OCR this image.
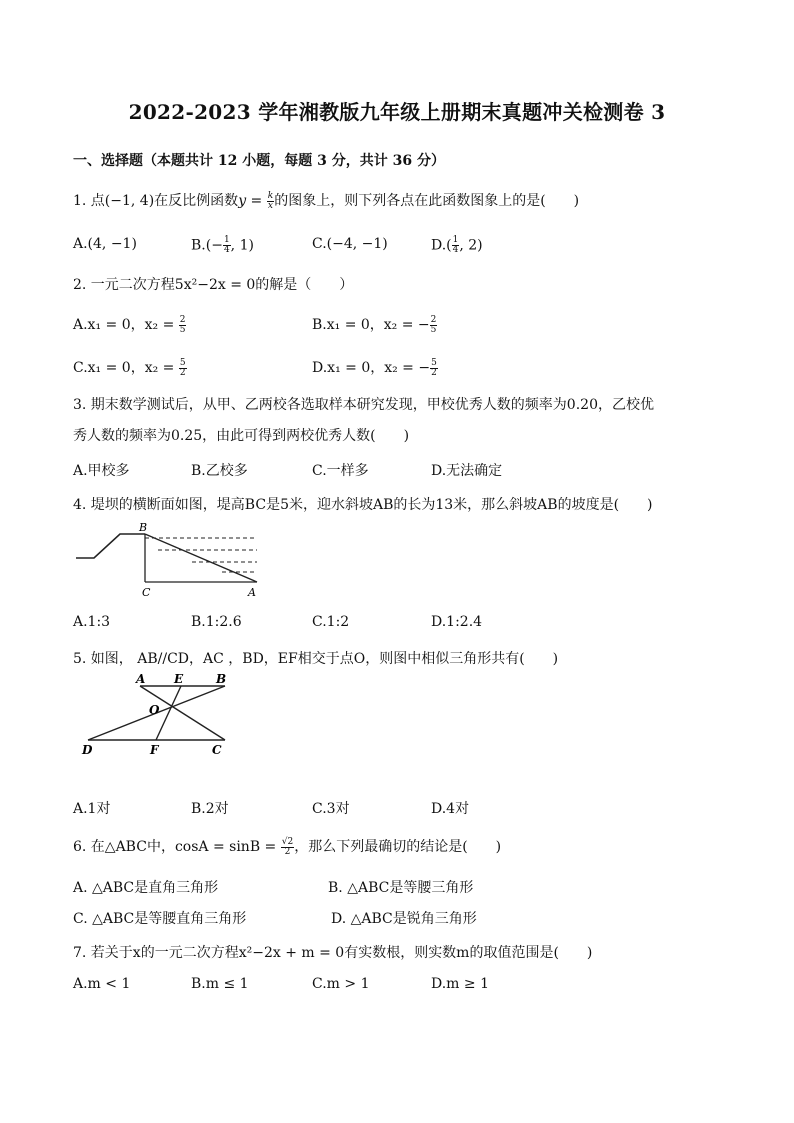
2022-2023 学年湘教版九年级上册期末真题冲关检测卷 3
一、选择题（本题共计 12 小题，每题 3 分，共计 36 分）
1. 点(−1, 4)在反比例函数$y = \frac{k}{x}$ 的图象上，则下列各点在此函数图象上的是(　　)
A.(4, −1)	$B.(- \frac{1}{4}$ , 1)	C.(−4, −1)	$D.( \frac{1}{4}$ , 2)
2. 一元二次方程5x²−2x = 0的解是（　　）
A.x₁ = 0，$x_2 = \frac{2}{5}$	B.x₁ = 0，x₂ = − $\frac{2}{5}$
C.x₁ = 0，$x_2 = \frac{5}{2}$	D.x₁ = 0，x₂ = − $\frac{5}{2}$
3. 期末数学测试后，从甲、乙两校各选取样本研究发现，甲校优秀人数的频率为0.20，乙校优
秀人数的频率为0.25，由此可得到两校优秀人数(　　)
A.甲校多	B.乙校多	C.一样多	D.无法确定
4. 堤坝的横断面如图，堤高BC是5米，迎水斜坡AB的长为13米，那么斜坡AB的坡度是(　　)
B
C	A
A.1:3	B.1:2.6	C.1:2	D.1:2.4
5. 如图， AB//CD，AC ，BD，EF相交于点O，则图中相似三角形共有(　　)
A E	B
O
D	F	C
A.1对	B.2对	C.3对	D.4对
6. 在△ABC中，$\cos A = \sin B = \frac{√2}{2}$ ，那么下列最确切的结论是(　　)
A. △ABC是直角三角形	B. △ABC是等腰三角形
C. △ABC是等腰直角三角形	D. △ABC是锐角三角形
7. 若关于x的一元二次方程x²−2x + m = 0有实数根，则实数m的取值范围是(　　)
A.m < 1	B.m ≤ 1	C.m > 1	D.m ≥ 1
